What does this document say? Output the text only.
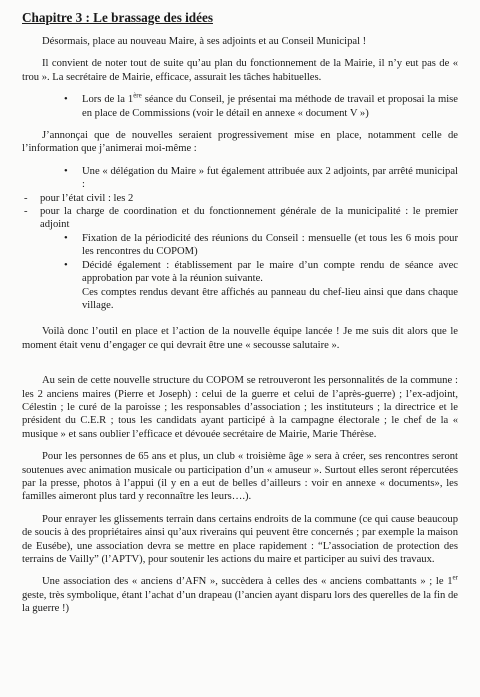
Chapitre 3 : Le brassage des idées

Désormais, place au nouveau Maire, à ses adjoints et au Conseil Municipal !

Il convient de noter tout de suite qu’au plan du fonctionnement de la Mairie, il n’y eut pas de « trou ». La secrétaire de Mairie, efficace, assurait les tâches habituelles.

• Lors de la 1ère séance du Conseil, je présentai ma méthode de travail et proposai la mise en place de Commissions (voir le détail en annexe « document V »)

J’annonçai que de nouvelles seraient progressivement mise en place, notamment celle de l’information que j’animerai moi-même :

• Une « délégation du Maire » fut également attribuée aux 2 adjoints, par arrêté municipal :
- pour l’état civil : les 2
- pour la charge de coordination et du fonctionnement générale de la municipalité : le premier adjoint
• Fixation de la périodicité des réunions du Conseil : mensuelle (et tous les 6 mois pour les rencontres du COPOM)
• Décidé également : établissement par le maire d’un compte rendu de séance avec approbation par vote à la réunion suivante.
Ces comptes rendus devant être affichés au panneau du chef-lieu ainsi que dans chaque village.

Voilà donc l’outil en place et l’action de la nouvelle équipe lancée ! Je me suis dit alors que le moment était venu d’engager ce qui devrait être une « secousse salutaire ».

Au sein de cette nouvelle structure du COPOM se retrouveront les personnalités de la commune : les 2 anciens maires (Pierre et Joseph) : celui de la guerre et celui de l’après-guerre) ; l’ex-adjoint, Célestin ; le curé de la paroisse ; les responsables d’association ; les instituteurs ; la directrice et le président du C.E.R ; tous les candidats ayant participé à la campagne électorale ; le chef de la « musique » et sans oublier l’efficace et dévouée secrétaire de Mairie, Marie Thérèse.

Pour les personnes de 65 ans et plus, un club « troisième âge » sera à créer, ses rencontres seront soutenues avec animation musicale ou participation d’un « amuseur ». Surtout elles seront répercutées par la presse, photos à l’appui (il y en a eut de belles d’ailleurs : voir en annexe « documents», les familles aimeront plus tard y reconnaître les leurs….).

Pour enrayer les glissements terrain dans certains endroits de la commune (ce qui cause beaucoup de soucis à des propriétaires ainsi qu’aux riverains qui peuvent être concernés ; par exemple la maison de Eusébe), une association devra se mettre en place rapidement : “L’association de protection des terrains de Vailly” (l’APTV), pour soutenir les actions du maire et participer au suivi des travaux.

Une association des « anciens d’AFN », succèdera à celles des « anciens combattants » ; le 1er geste, très symbolique, étant l’achat d’un drapeau (l’ancien ayant disparu lors des querelles de la fin de la guerre !)
